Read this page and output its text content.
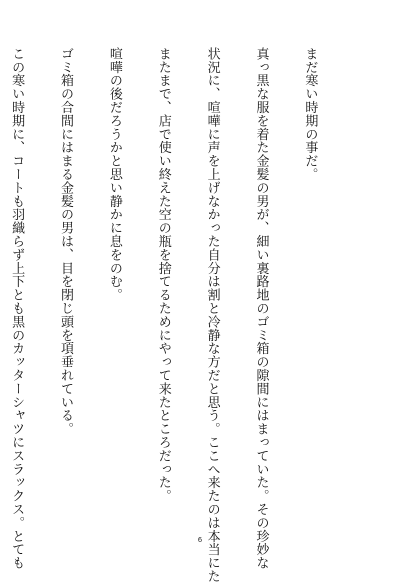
まだ寒い時期の事だ。

真っ黒な服を着た金髪の男が、細い裏路地のゴミ箱の隙間にはまっていた。その珍妙な

状況に、喧嘩に声を上げなかった自分は割と冷静な方だと思う。ここへ来たのは本当にた

またまで、店で使い終えた空の瓶を捨てるためにやって来たところだった。

喧嘩の後だろうかと思い静かに息をのむ。

ゴミ箱の合間にはまる金髪の男は、目を閉じ頭を項垂れている。

この寒い時期に、コートも羽織らず上下とも黒のカッターシャツにスラックス。とても

	6
